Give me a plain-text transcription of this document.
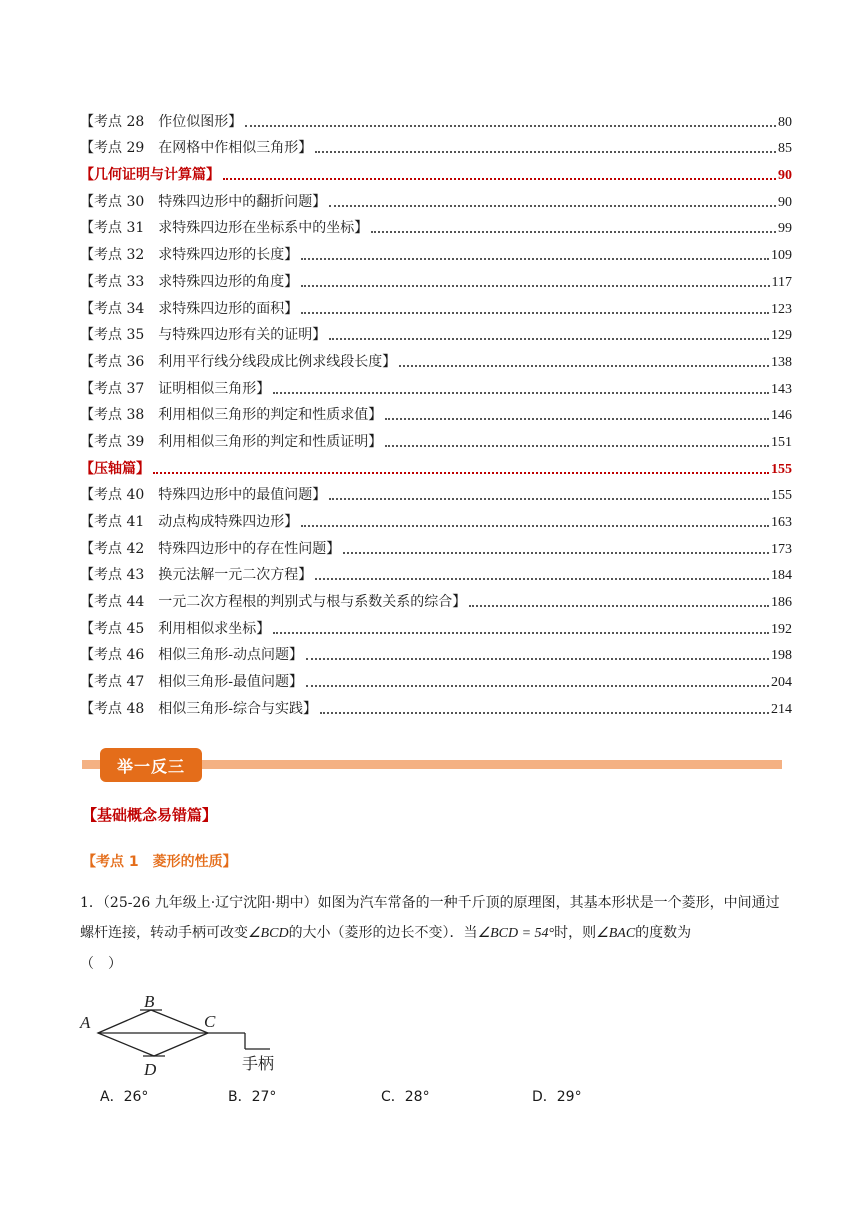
【考点 28　作位似图形】	80
【考点 29　在网格中作相似三角形】	85
【几何证明与计算篇】	90
【考点 30　特殊四边形中的翻折问题】	90
【考点 31　求特殊四边形在坐标系中的坐标】	99
【考点 32　求特殊四边形的长度】	109
【考点 33　求特殊四边形的角度】	117
【考点 34　求特殊四边形的面积】	123
【考点 35　与特殊四边形有关的证明】	129
【考点 36　利用平行线分线段成比例求线段长度】	138
【考点 37　证明相似三角形】	143
【考点 38　利用相似三角形的判定和性质求值】	146
【考点 39　利用相似三角形的判定和性质证明】	151
【压轴篇】	155
【考点 40　特殊四边形中的最值问题】	155
【考点 41　动点构成特殊四边形】	163
【考点 42　特殊四边形中的存在性问题】	173
【考点 43　换元法解一元二次方程】	184
【考点 44　一元二次方程根的判别式与根与系数关系的综合】	186
【考点 45　利用相似求坐标】	192
【考点 46　相似三角形-动点问题】	198
【考点 47　相似三角形-最值问题】	204
【考点 48　相似三角形-综合与实践】	214
举一反三
【基础概念易错篇】
【考点 1　菱形的性质】
1．（25-26 九年级上·辽宁沈阳·期中）如图为汽车常备的一种千斤顶的原理图，其基本形状是一个菱形，中间通过螺杆连接，转动手柄可改变∠BCD的大小（菱形的边长不变）．当∠BCD = 54°时，则∠BAC的度数为
（　）
A
B
C
D	手柄
A．26°	B．27°	C．28°	D．29°
